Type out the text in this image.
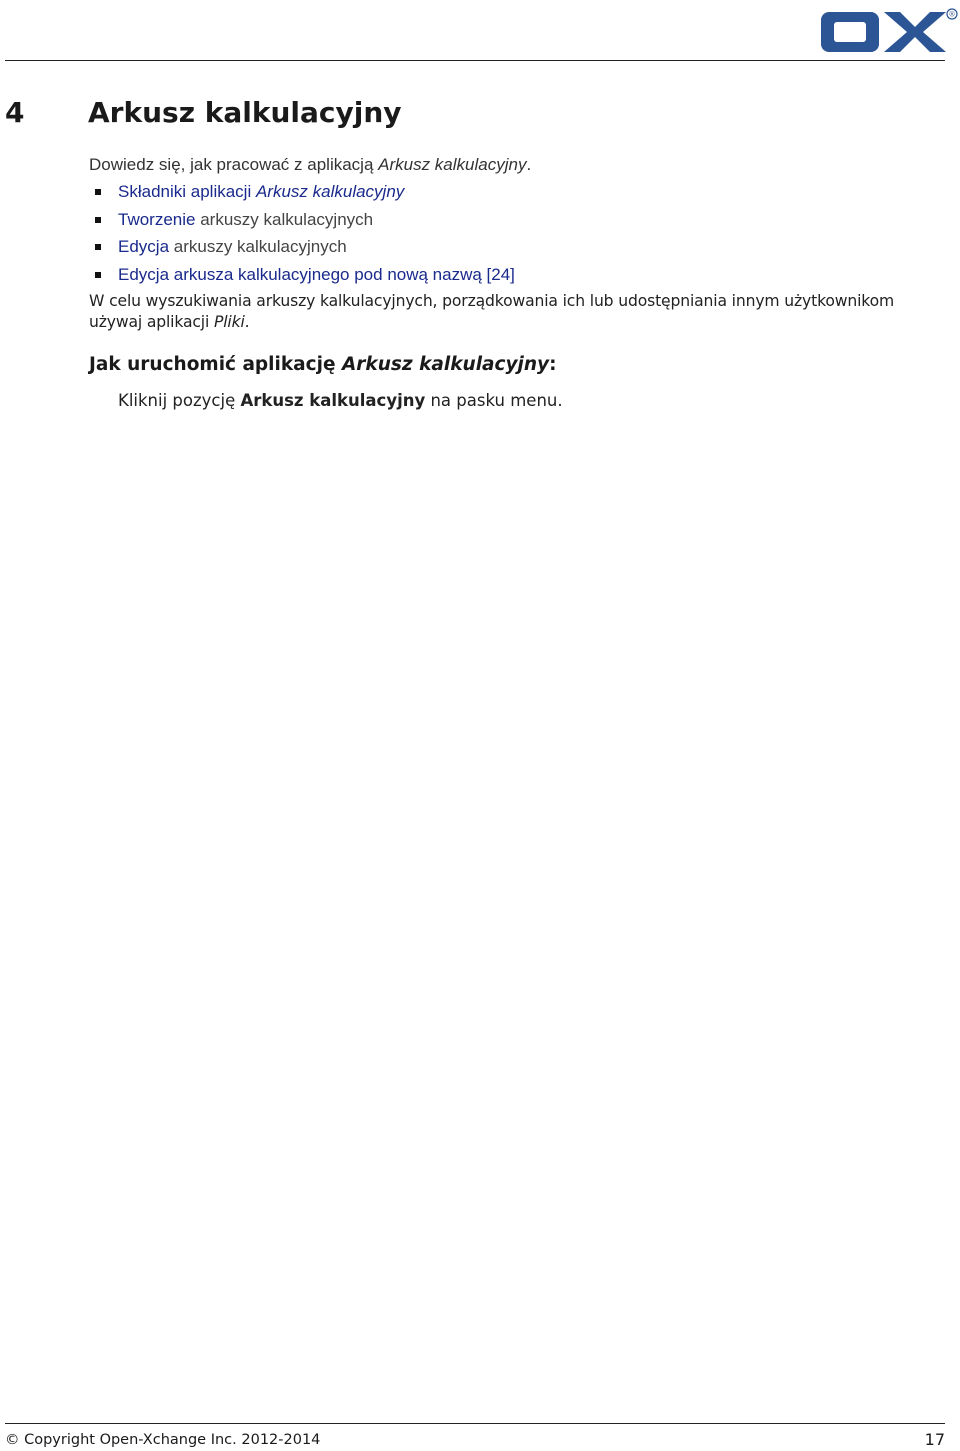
®
4 Arkusz kalkulacyjny
Dowiedz się, jak pracować z aplikacją Arkusz kalkulacyjny.
Składniki aplikacji Arkusz kalkulacyjny
Tworzenie arkuszy kalkulacyjnych
Edycja arkuszy kalkulacyjnych
Edycja arkusza kalkulacyjnego pod nową nazwą [24]
W celu wyszukiwania arkuszy kalkulacyjnych, porządkowania ich lub udostępniania innym użytkownikom
używaj aplikacji Pliki.
Jak uruchomić aplikację Arkusz kalkulacyjny:
Kliknij pozycję Arkusz kalkulacyjny na pasku menu.
© Copyright Open-Xchange Inc. 2012-2014	17
